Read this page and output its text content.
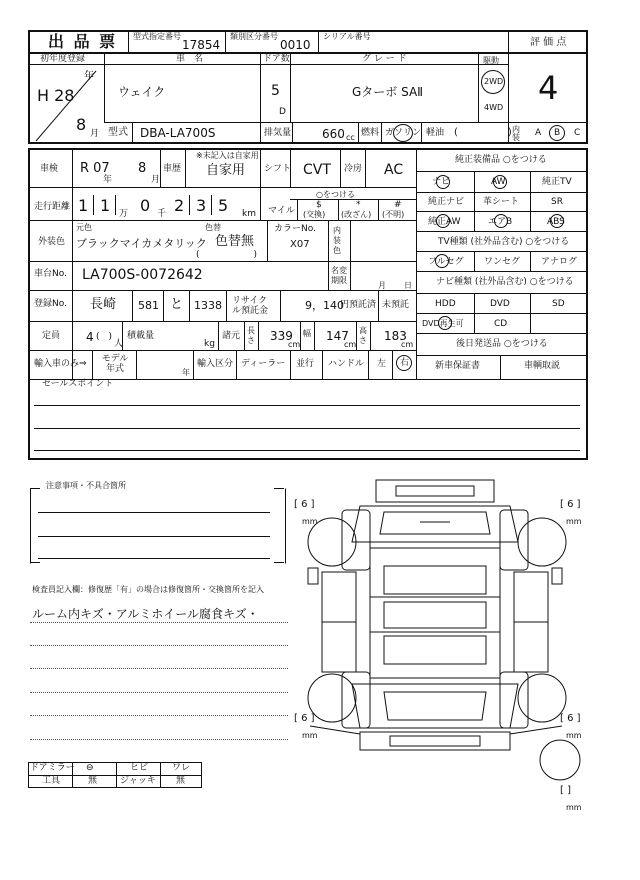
出 品 票 型式指定番号
17854
類別区分番号
0010
シリアル番号
評 価 点
初年度登録
年
H 28
8 月
車　名
ウェイク
ドア数
5
D
グ レ ー ド
Gターボ SAⅡ
駆動
2WD
4WD
4
型式 DBA-LA700S	排気量	660 cc 燃料 ガソリン 軽油 (　　　　　) 内装 A B C
車検 R 07
年
8
月
車歴
※未記入は自家用
自家用 シフト CVT 冷房 AC
走行距離 1 1 万 0 千 2 3 5 km
○をつける
マイル
$
(交換)
*
(改ざん)
#
(不明)
元色	色替
外装色 ブラックマイカメタリック 色替無
(　　　　　　)
カラーNo.
X07
内装色
車台No. LA700S-0072642	名変期限
月 日
登録No. 長崎 581 と 1338 リサイクル預託金	9，140
円預託済 未預託
定員 4 (　)
人
積載量
kg
諸元
長さ 339
cm
幅 147
cm
高さ 183
cm
輸入車のみ⇒ モデル年式	年
輸入区分 ディーラー 並行 ハンドル 左 右
純正装備品 ○をつける
ナビ	AW	純正TV
純正ナビ 革シート	SR
純正AW	エアB	ABS
TV種類 (社外品含む) ○をつける
フルセグ ワンセグ アナログ
ナビ種類 (社外品含む) ○をつける
HDD	DVD	SD
DVD再生可	CD
後日発送品 ○をつける
新車保証書	車輌取説
セールスポイント
注意事項・不具合箇所
検査員記入欄：修復歴「有」の場合は修復箇所・交換箇所を記入
ルーム内キズ・アルミホイール腐食キズ・
[ 6 ]
mm
[ 6 ]
mm
[ 6 ]
mm
[ 6 ]
mm
[ ]
mm
ドアミラー ⊖	ヒビ	ワレ
工具	無	ジャッキ 無
